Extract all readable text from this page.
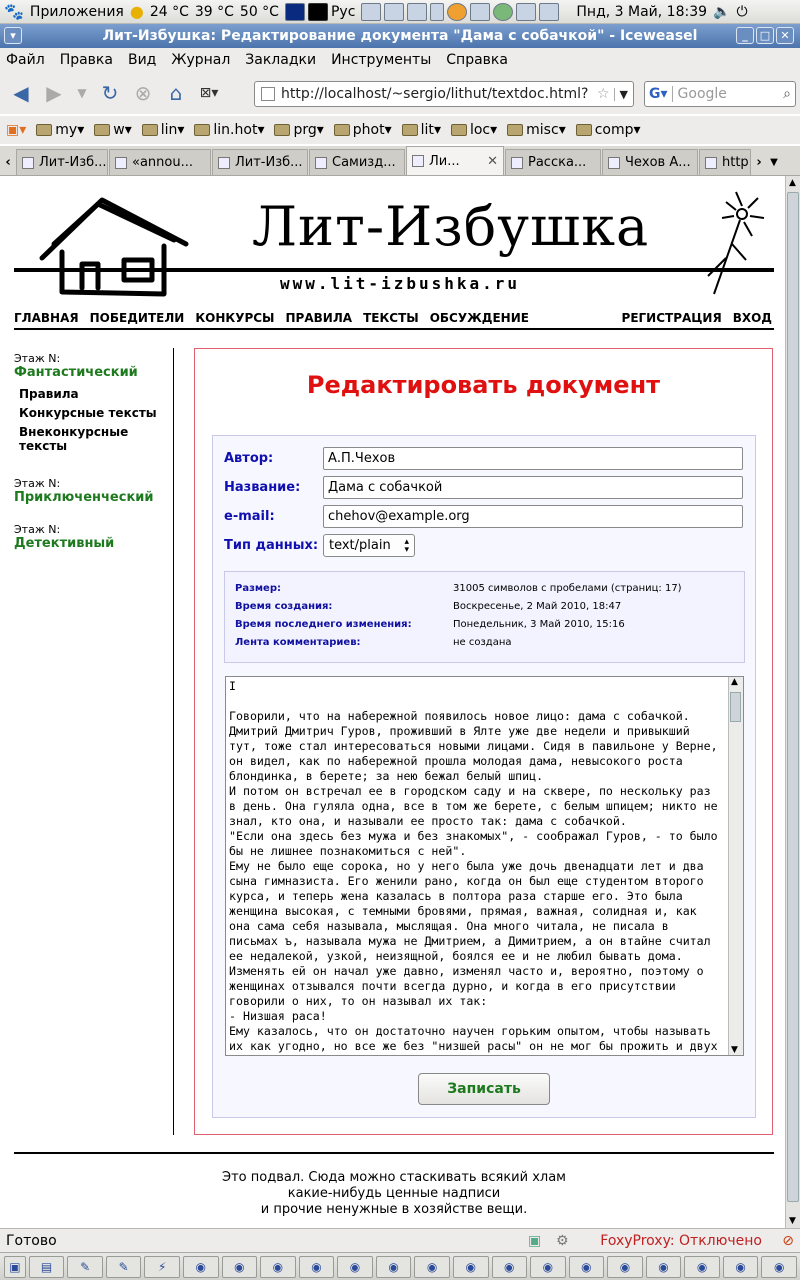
🐾 Приложения ● 24 °C 39 °C 50 °C	Рус	Пнд, 3 Май, 18:39 🔈 ⏻
Лит-Избушка: Редактирование документа "Дама с собачкой" - Iceweasel
▾	_	□ ✕
Файл Правка Вид Журнал Закладки Инструменты Справка
◀ ▶	▼ ↻ ⊗ ⌂	⊠▾	http://localhost/~sergio/lithut/textdoc.html? ☆ ▼	G▾ Google	⌕
▣▾ my ▾ w ▾ lin ▾ lin.hot ▾ prg ▾ phot ▾ lit ▾ loc ▾ misc ▾ comp ▾
‹	Лит-Изб... «annou...	Лит-Изб... Самизд...	Ли...	✕ Расска...	Чехов А... http › ▼
Лит-Избушка
www.lit-izbushka.ru
ГЛАВНАЯ ПОБЕДИТЕЛИ КОНКУРСЫ ПРАВИЛА ТЕКСТЫ ОБСУЖДЕНИЕ	РЕГИСТРАЦИЯ ВХОД
Этаж N:
Фантастический
Правила
Конкурсные тексты
Внеконкурсные тексты
Этаж N:
Приключенческий
Этаж N:
Детективный
Редактировать документ
Автор:	А.П.Чехов
Название:	Дама с собачкой
e-mail:	chehov@example.org
Тип данных: text/plain ▴
▾
Размер:	31005 символов с пробелами (страниц: 17)
Время создания:	Воскресенье, 2 Май 2010, 18:47
Время последнего изменения:	Понедельник, 3 Май 2010, 15:16
Лента комментариев:	не создана
I

Говорили, что на набережной появилось новое лицо: дама с собачкой.
Дмитрий Дмитрич Гуров, проживший в Ялте уже две недели и привыкший
тут, тоже стал интересоваться новыми лицами. Сидя в павильоне у Верне,
он видел, как по набережной прошла молодая дама, невысокого роста
блондинка, в берете; за нею бежал белый шпиц.
И потом он встречал ее в городском саду и на сквере, по нескольку раз
в день. Она гуляла одна, все в том же берете, с белым шпицем; никто не
знал, кто она, и называли ее просто так: дама с собачкой.
"Если она здесь без мужа и без знакомых", - соображал Гуров, - то было
бы не лишнее познакомиться с ней".
Ему не было еще сорока, но у него была уже дочь двенадцати лет и два
сына гимназиста. Его женили рано, когда он был еще студентом второго
курса, и теперь жена казалась в полтора раза старше его. Это была
женщина высокая, с темными бровями, прямая, важная, солидная и, как
она сама себя называла, мыслящая. Она много читала, не писала в
письмах ъ, называла мужа не Дмитрием, а Димитрием, а он втайне считал
ее недалекой, узкой, неизящной, боялся ее и не любил бывать дома.
Изменять ей он начал уже давно, изменял часто и, вероятно, поэтому о
женщинах отзывался почти всегда дурно, и когда в его присутствии
говорили о них, то он называл их так:
- Низшая раса!
Ему казалось, что он достаточно научен горьким опытом, чтобы называть
их как угодно, но все же без "низшей расы" он не мог бы прожить и двух
▲
▼
Записать
Это подвал. Сюда можно стаскивать всякий хлам
какие-нибудь ценные надписи
и прочие ненужные в хозяйстве вещи.
▲
▼
Готово	▣ ⚙ FoxyProxy: Отключено ⊘
▣	▤	✎	✎	⚡	◉	◉	◉	◉	◉	◉	◉	◉	◉	◉	◉	◉	◉	◉	◉	◉
